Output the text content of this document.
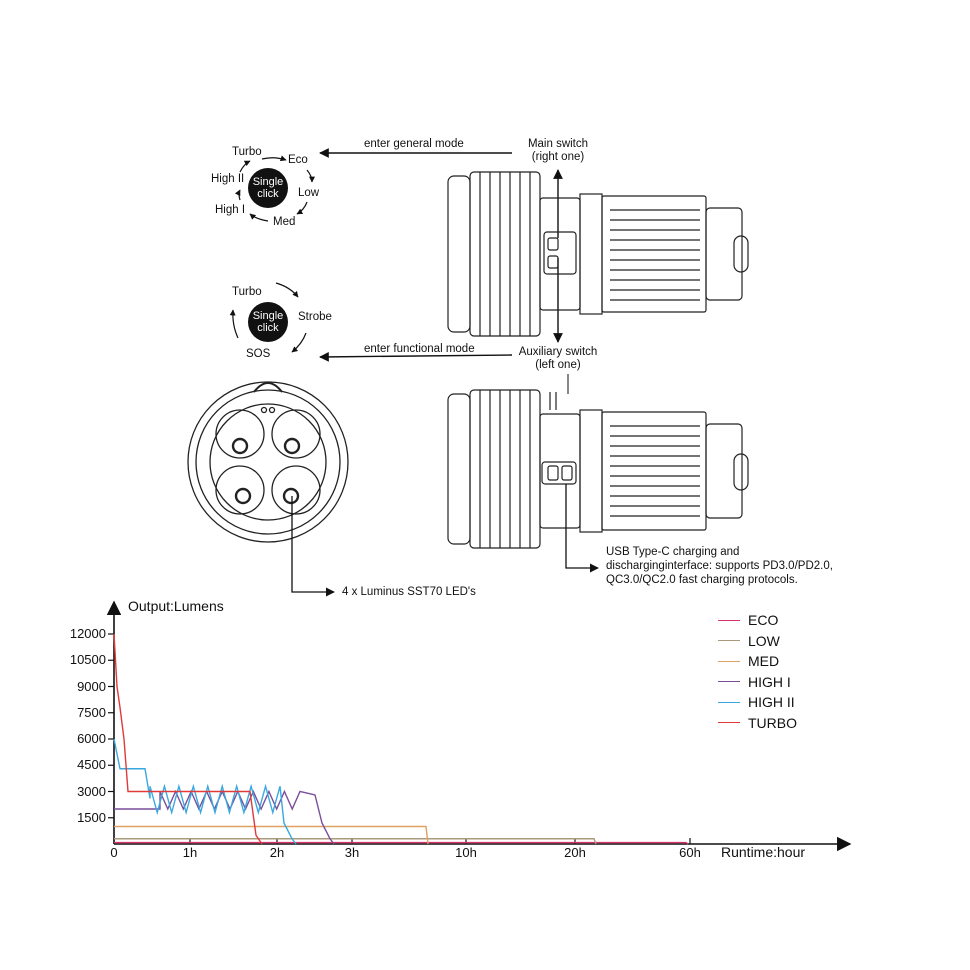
Single
click
Turbo
Eco
High II
Low
High I
Med
Single
click
Turbo
Strobe
SOS
enter general mode
enter functional mode
Main switch
(right one)
Auxiliary switch
(left one)
4 x Luminus SST70 LED's
USB Type-C charging and
discharginginterface: supports PD3.0/PD2.0,
QC3.0/QC2.0 fast charging protocols.
Output:Lumens
Runtime:hour
12000
10500
9000
7500
6000
4500
3000
1500
0	1h	2h	3h	10h	20h	60h
ECO
LOW
MED
HIGH I
HIGH II
TURBO
